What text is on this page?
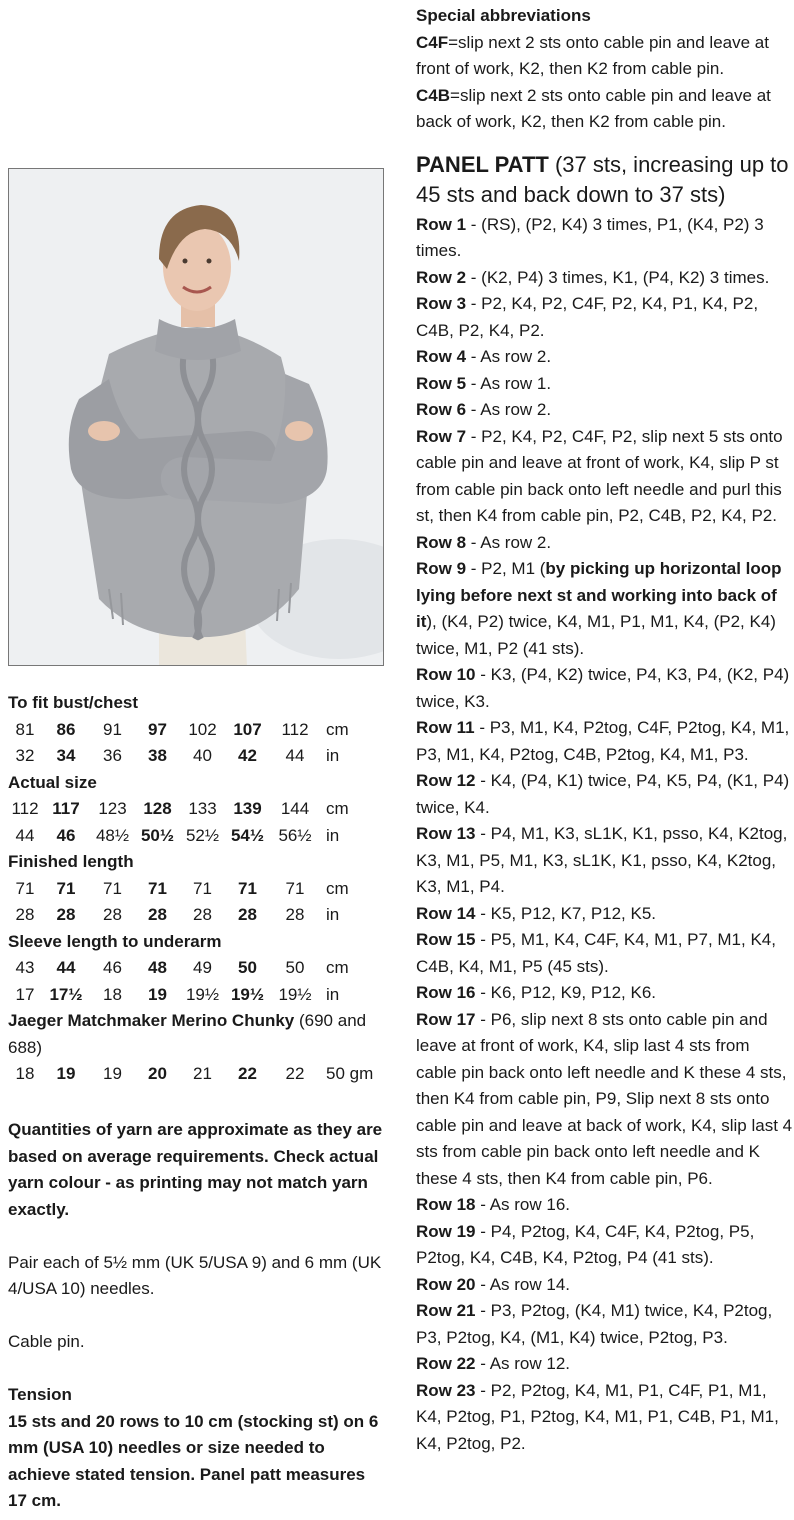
To fit bust/chest
81	86	91	97	102 107	112	cm
32	34	36	38	40	42	44	in
Actual size
112 117	123 128 133 139	144 cm
44	46	48½ 50½ 52½ 54½ 56½ in
Finished length
71	71	71	71	71	71	71	cm
28	28	28	28	28	28	28	in
Sleeve length to underarm
43	44	46	48	49	50	50	cm
17 17½	18	19	19½ 19½ 19½ in
Jaeger Matchmaker Merino Chunky (690 and 688)
18	19	19	20	21	22	22	50 gm

Quantities of yarn are approximate as they are based on average requirements. Check actual yarn colour - as printing may not match yarn exactly.

Pair each of 5½ mm (UK 5/USA 9) and 6 mm (UK 4/USA 10) needles.

Cable pin.

Tension

15 sts and 20 rows to 10 cm (stocking st) on 6 mm (USA 10) needles or size needed to achieve stated tension. Panel patt measures 17 cm.

Special abbreviations
C4F=slip next 2 sts onto cable pin and leave at front of work, K2, then K2 from cable pin.
C4B=slip next 2 sts onto cable pin and leave at back of work, K2, then K2 from cable pin.
PANEL PATT (37 sts, increasing up to 45 sts and back down to 37 sts)
Row 1 - (RS), (P2, K4) 3 times, P1, (K4, P2) 3 times.
Row 2 - (K2, P4) 3 times, K1, (P4, K2) 3 times.
Row 3 - P2, K4, P2, C4F, P2, K4, P1, K4, P2, C4B, P2, K4, P2.
Row 4 - As row 2.
Row 5 - As row 1.
Row 6 - As row 2.
Row 7 - P2, K4, P2, C4F, P2, slip next 5 sts onto cable pin and leave at front of work, K4, slip P st from cable pin back onto left needle and purl this st, then K4 from cable pin, P2, C4B, P2, K4, P2.
Row 8 - As row 2.
Row 9 - P2, M1 (by picking up horizontal loop lying before next st and working into back of it), (K4, P2) twice, K4, M1, P1, M1, K4, (P2, K4) twice, M1, P2 (41 sts).
Row 10 - K3, (P4, K2) twice, P4, K3, P4, (K2, P4) twice, K3.
Row 11 - P3, M1, K4, P2tog, C4F, P2tog, K4, M1, P3, M1, K4, P2tog, C4B, P2tog, K4, M1, P3.
Row 12 - K4, (P4, K1) twice, P4, K5, P4, (K1, P4) twice, K4.
Row 13 - P4, M1, K3, sL1K, K1, psso, K4, K2tog, K3, M1, P5, M1, K3, sL1K, K1, psso, K4, K2tog, K3, M1, P4.
Row 14 - K5, P12, K7, P12, K5.
Row 15 - P5, M1, K4, C4F, K4, M1, P7, M1, K4, C4B, K4, M1, P5 (45 sts).
Row 16 - K6, P12, K9, P12, K6.
Row 17 - P6, slip next 8 sts onto cable pin and leave at front of work, K4, slip last 4 sts from cable pin back onto left needle and K these 4 sts, then K4 from cable pin, P9, Slip next 8 sts onto cable pin and leave at back of work, K4, slip last 4 sts from cable pin back onto left needle and K these 4 sts, then K4 from cable pin, P6.
Row 18 - As row 16.
Row 19 - P4, P2tog, K4, C4F, K4, P2tog, P5, P2tog, K4, C4B, K4, P2tog, P4 (41 sts).
Row 20 - As row 14.
Row 21 - P3, P2tog, (K4, M1) twice, K4, P2tog, P3, P2tog, K4, (M1, K4) twice, P2tog, P3.
Row 22 - As row 12.
Row 23 - P2, P2tog, K4, M1, P1, C4F, P1, M1, K4, P2tog, P1, P2tog, K4, M1, P1, C4B, P1, M1, K4, P2tog, P2.
